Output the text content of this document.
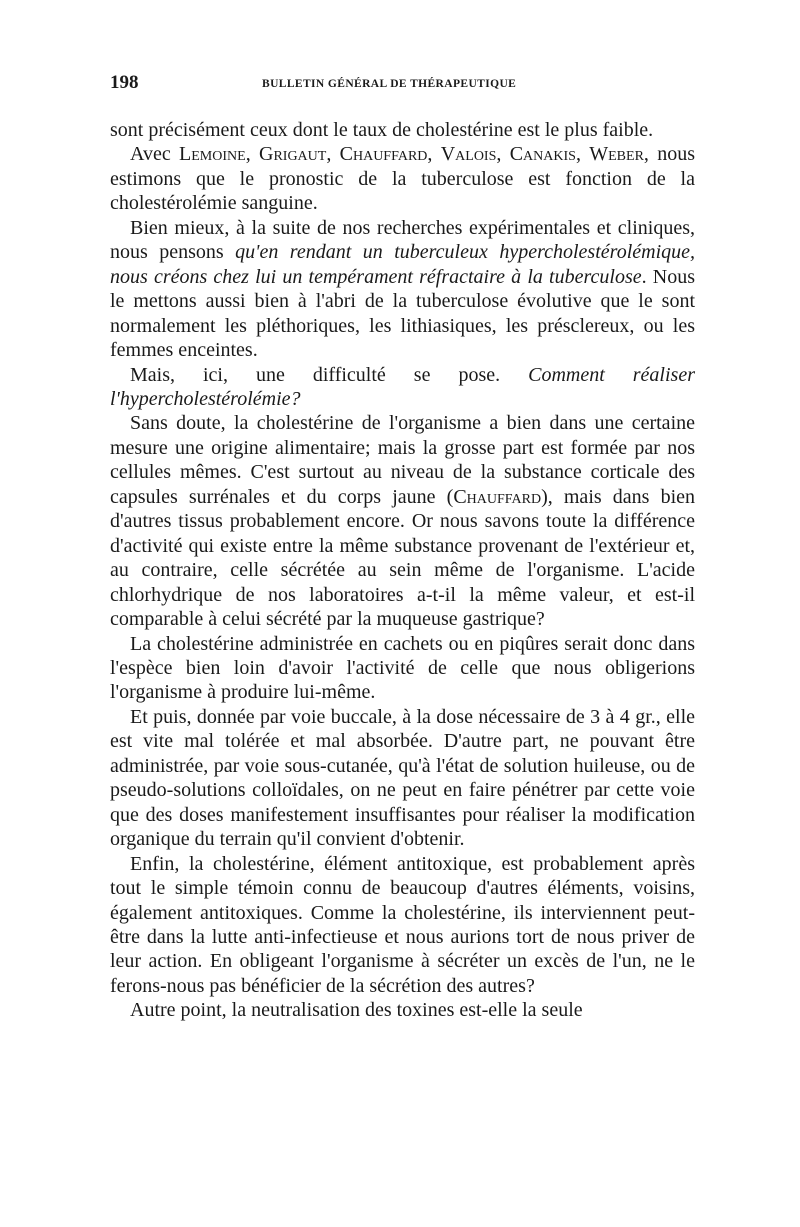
198	BULLETIN GÉNÉRAL DE THÉRAPEUTIQUE

sont précisément ceux dont le taux de cholestérine est le plus faible.

Avec Lemoine, Grigaut, Chauffard, Valois, Canakis, Weber, nous estimons que le pronostic de la tuberculose est fonction de la cholestérolémie sanguine.

Bien mieux, à la suite de nos recherches expérimentales et cliniques, nous pensons qu'en rendant un tuberculeux hypercholestérolémique, nous créons chez lui un tempérament réfractaire à la tuberculose. Nous le mettons aussi bien à l'abri de la tuberculose évolutive que le sont normalement les pléthoriques, les lithiasiques, les présclereux, ou les femmes enceintes.

Mais, ici, une difficulté se pose. Comment réaliser l'hypercholestérolémie?

Sans doute, la cholestérine de l'organisme a bien dans une certaine mesure une origine alimentaire; mais la grosse part est formée par nos cellules mêmes. C'est surtout au niveau de la substance corticale des capsules surrénales et du corps jaune (Chauffard), mais dans bien d'autres tissus probablement encore. Or nous savons toute la différence d'activité qui existe entre la même substance provenant de l'extérieur et, au contraire, celle sécrétée au sein même de l'organisme. L'acide chlorhydrique de nos laboratoires a-t-il la même valeur, et est-il comparable à celui sécrété par la muqueuse gastrique?

La cholestérine administrée en cachets ou en piqûres serait donc dans l'espèce bien loin d'avoir l'activité de celle que nous obligerions l'organisme à produire lui-même.

Et puis, donnée par voie buccale, à la dose nécessaire de 3 à 4 gr., elle est vite mal tolérée et mal absorbée. D'autre part, ne pouvant être administrée, par voie sous-cutanée, qu'à l'état de solution huileuse, ou de pseudo-solutions colloïdales, on ne peut en faire pénétrer par cette voie que des doses manifestement insuffisantes pour réaliser la modification organique du terrain qu'il convient d'obtenir.

Enfin, la cholestérine, élément antitoxique, est probablement après tout le simple témoin connu de beaucoup d'autres éléments, voisins, également antitoxiques. Comme la cholestérine, ils interviennent peut-être dans la lutte anti-infectieuse et nous aurions tort de nous priver de leur action. En obligeant l'organisme à sécréter un excès de l'un, ne le ferons-nous pas bénéficier de la sécrétion des autres?

Autre point, la neutralisation des toxines est-elle la seule
